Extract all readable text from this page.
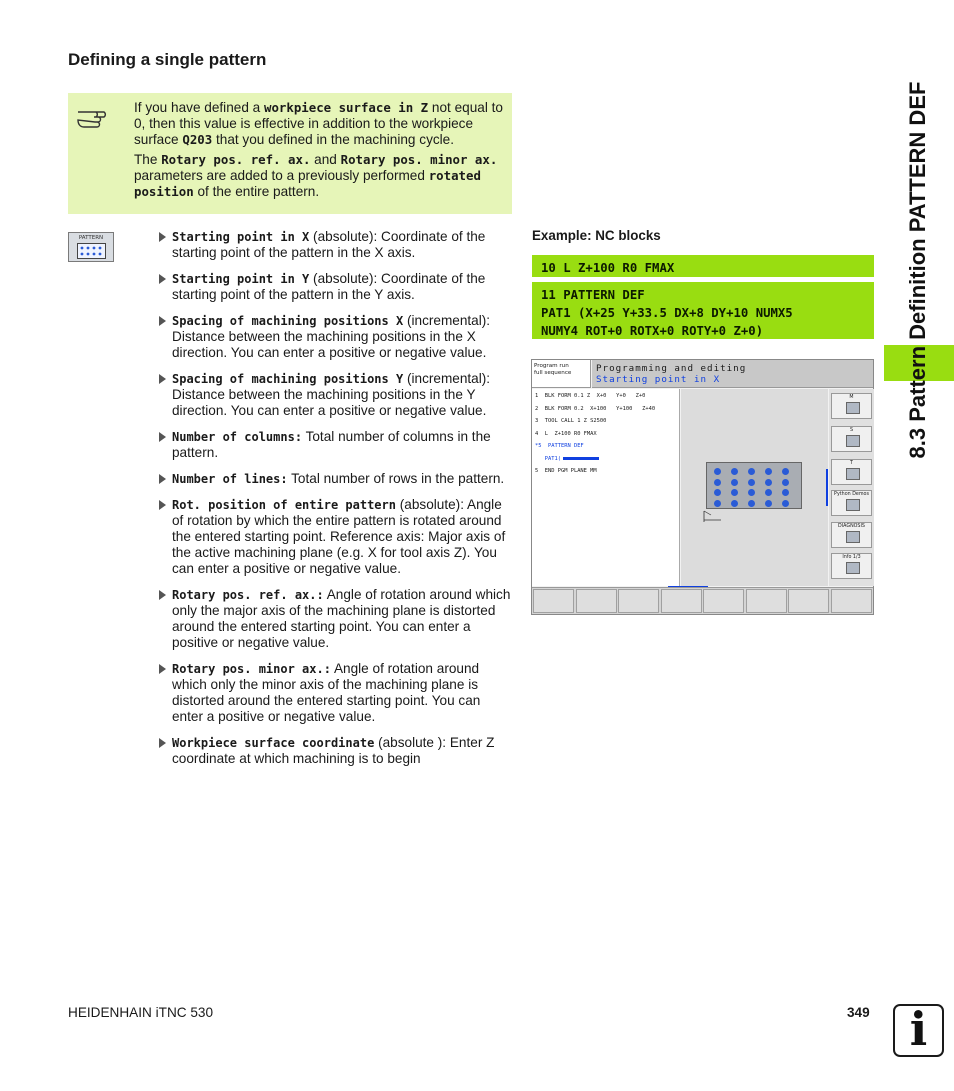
Defining a single pattern

If you have defined a workpiece surface in Z not equal to 0, then this value is effective in addition to the workpiece surface Q203 that you defined in the machining cycle.

The Rotary pos. ref. ax. and Rotary pos. minor ax. parameters are added to a previously performed rotated position of the entire pattern.

PATTERN	Starting point in X (absolute): Coordinate of the starting point of the pattern in the X axis.
Starting point in Y (absolute): Coordinate of the starting point of the pattern in the Y axis.
Spacing of machining positions X (incremental): Distance between the machining positions in the X direction. You can enter a positive or negative value.
Spacing of machining positions Y (incremental): Distance between the machining positions in the Y direction. You can enter a positive or negative value.
Number of columns: Total number of columns in the pattern.
Number of lines: Total number of rows in the pattern.
Rot. position of entire pattern (absolute): Angle of rotation by which the entire pattern is rotated around the entered starting point. Reference axis: Major axis of the active machining plane (e.g. X for tool axis Z). You can enter a positive or negative value.
Rotary pos. ref. ax.: Angle of rotation around which only the major axis of the machining plane is distorted around the entered starting point. You can enter a positive or negative value.
Rotary pos. minor ax.: Angle of rotation around which only the minor axis of the machining plane is distorted around the entered starting point. You can enter a positive or negative value.
Workpiece surface coordinate (absolute ): Enter Z coordinate at which machining is to begin
Example: NC blocks
10 L Z+100 R0 FMAX
11 PATTERN DEF
PAT1 (X+25 Y+33.5 DX+8 DY+10 NUMX5
NUMY4 ROT+0 ROTX+0 ROTY+0 Z+0)
Program run
full sequence	Programming and editing
Starting point in X
1  BLK FORM 0.1 Z  X+0   Y+0   Z+0
2  BLK FORM 0.2  X+100   Y+100   Z+40
3  TOOL CALL 1 Z S2500
4  L  Z+100 R0 FMAX
*5  PATTERN DEF
PAT1(
5  END PGM PLANE MM
M
S
T
Python Demos
DIAGNOSIS
Info 1/3
8.3 Pattern Definition PATTERN DEF
HEIDENHAIN iTNC 530	349 i
